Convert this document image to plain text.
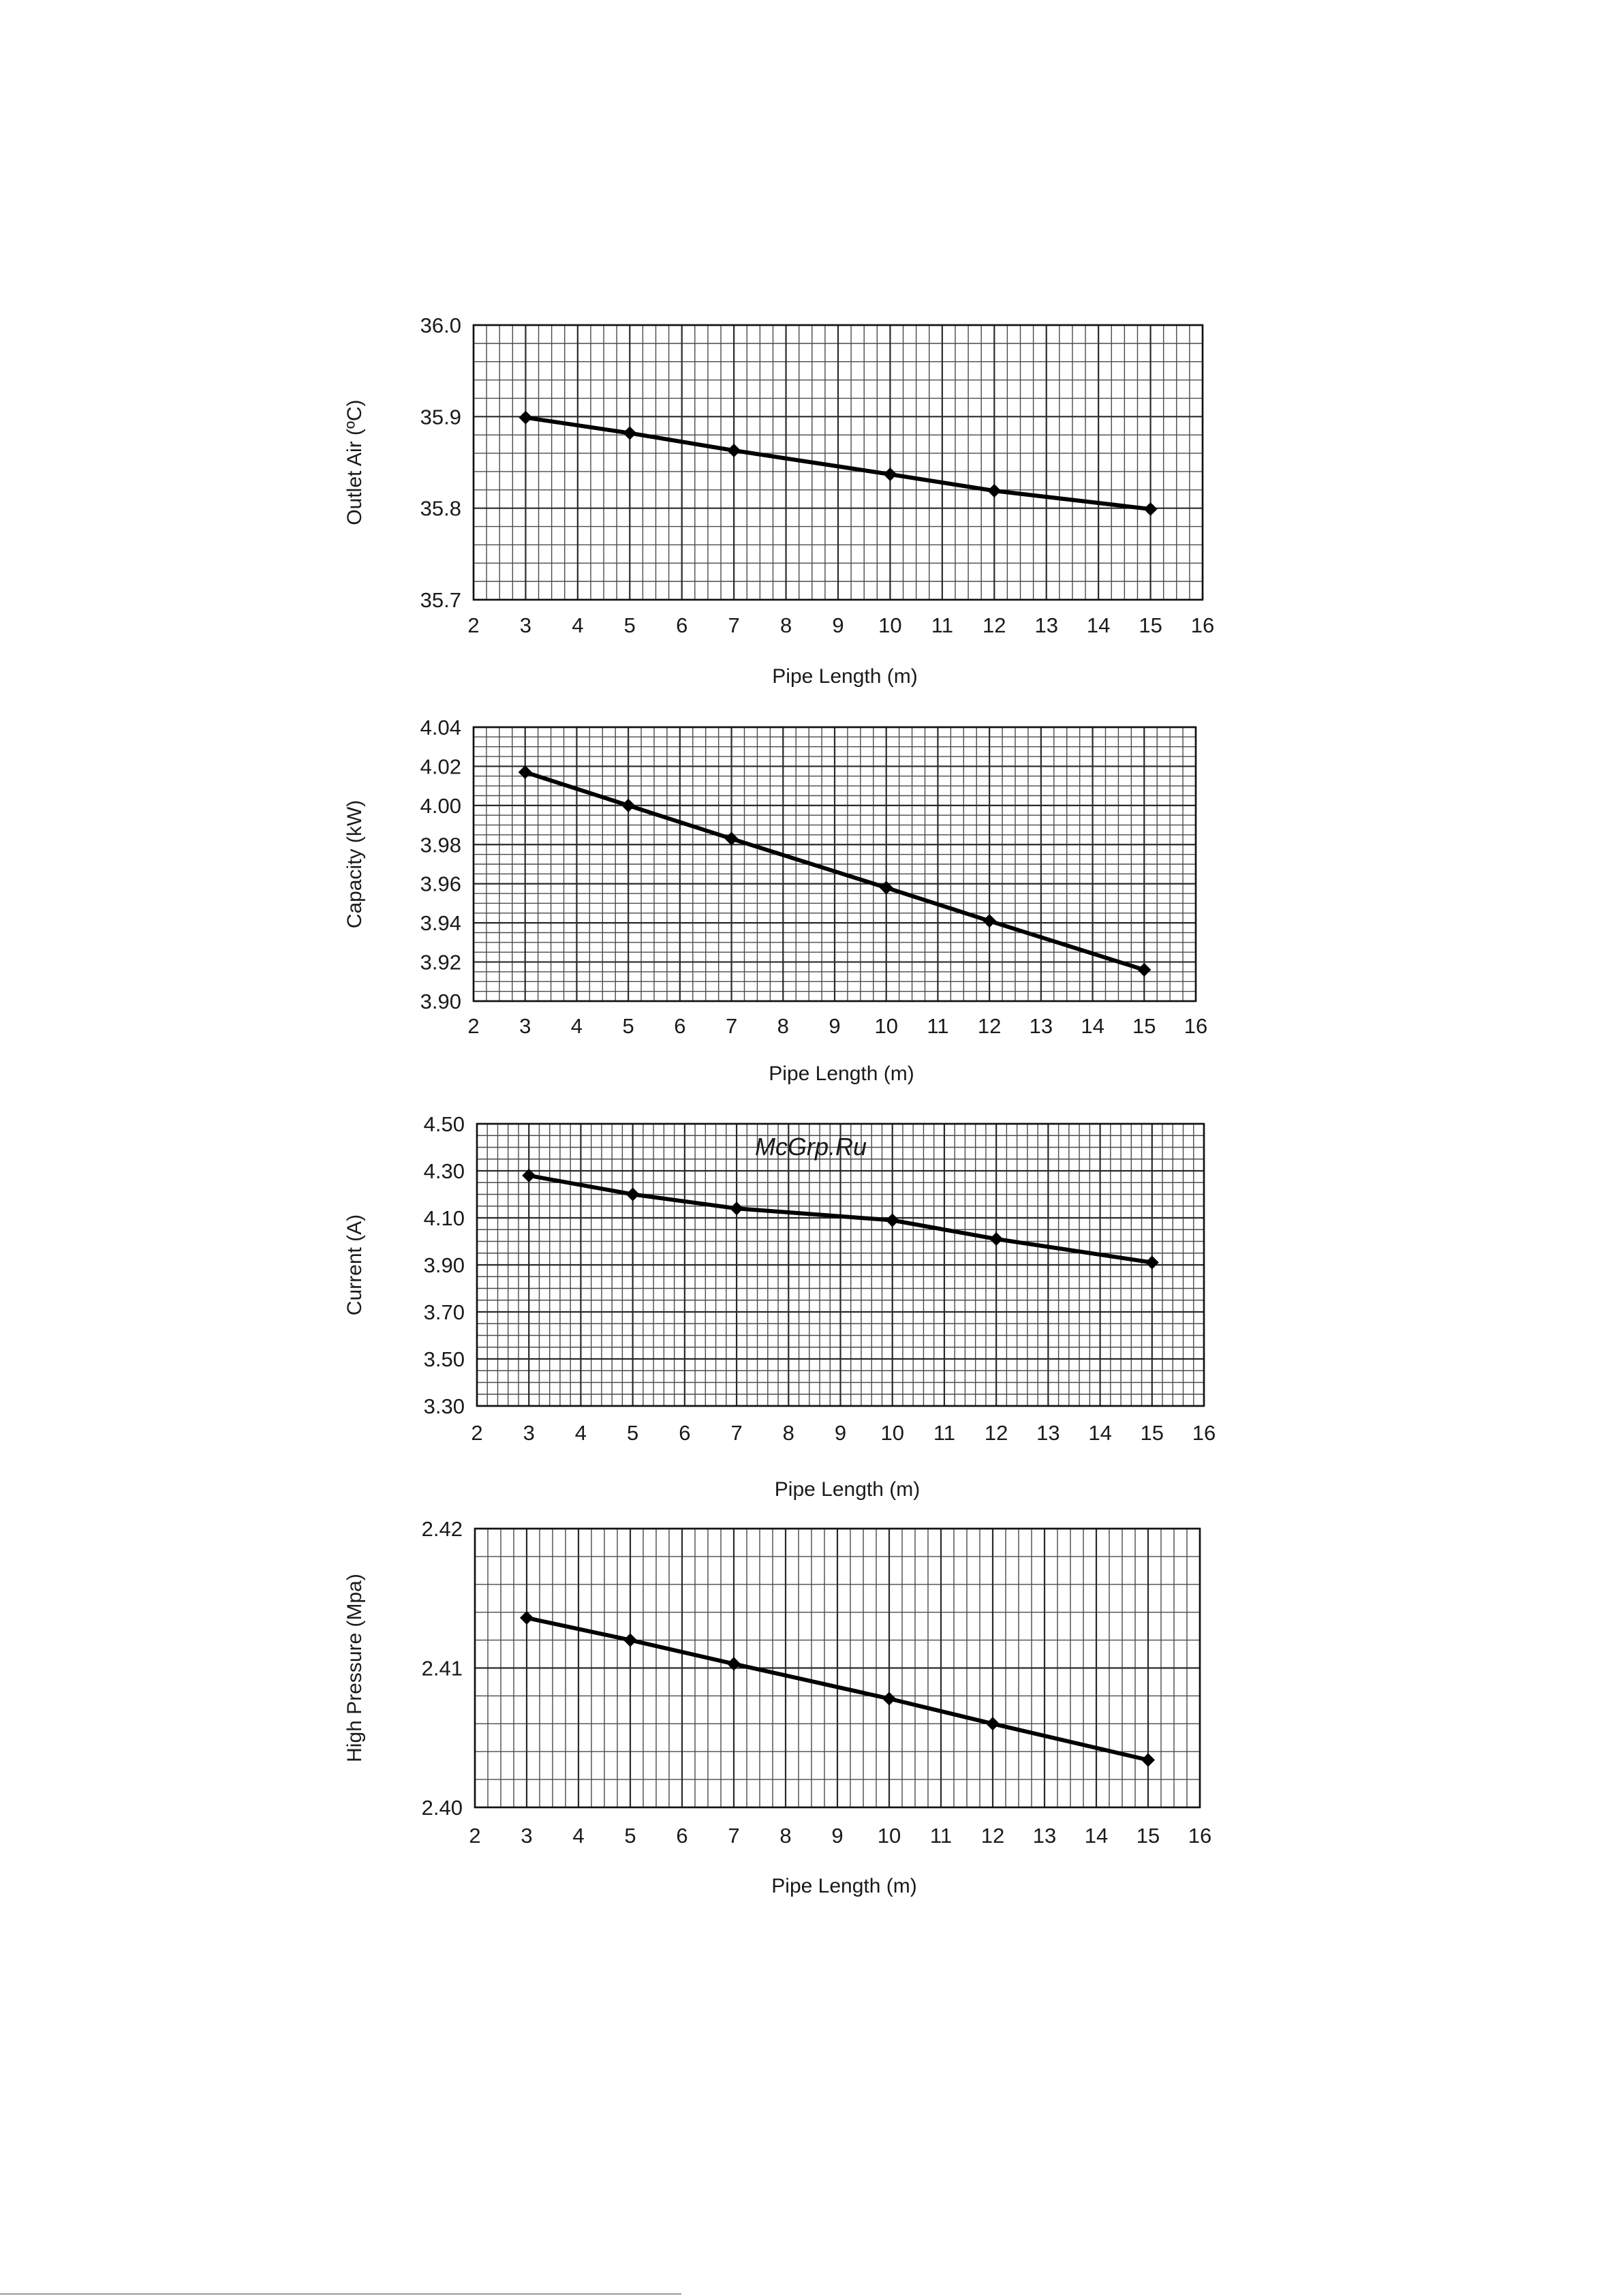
2 3 4 5 6 7 8 9 10 11 12 13 14 15 16
35.7
35.8
35.9
36.0
Pipe Length (m)
Outlet Air (ºC)
2 3 4 5 6 7 8 9 10 11 12 13 14 15 16
3.90
3.92
3.94
3.96
3.98
4.00
4.02
4.04
Pipe Length (m)
Capacity (kW)
2 3 4 5 6 7 8 9 10 11 12 13 14 15 16
3.30
3.50
3.70
3.90
4.10
4.30
4.50
Pipe Length (m)
Current (A)
2 3 4 5 6 7 8 9 10 11 12 13 14 15 16
2.40
2.41
2.42
Pipe Length (m)
High Pressure (Mpa)
McGrp.Ru
